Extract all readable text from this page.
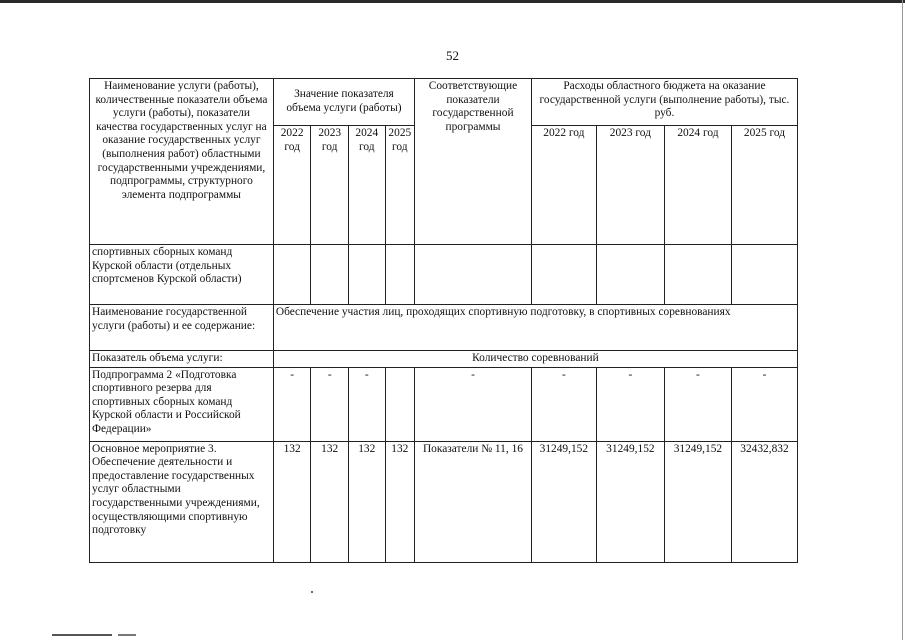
52
Наименование услуги (работы), количественные показатели объема услуги (работы), показатели качества государственных услуг на оказание государственных услуг (выполнения работ) областными государственными учреждениями, подпрограммы, структурного элемента подпрограммы	Значение показателя объема услуги (работы)				Соответствующие показатели государственной программы	Расходы областного бюджета на оказание государственной услуги (выполнение работы), тыс. руб.			
	2022 год	2023 год	2024 год	2025 год		2022 год	2023 год	2024 год	2025 год
спортивных сборных команд Курской области (отдельных спортсменов Курской области)									
Наименование государственной услуги (работы) и ее содержание:	Обеспечение участия лиц, проходящих спортивную подготовку, в спортивных соревнованиях								
Показатель объема услуги:	Количество соревнований								
Подпрограмма 2 «Подготовка спортивного резерва для спортивных сборных команд Курской области и Российской Федерации»	-	-	-		-	-	-	-	-
Основное мероприятие 3. Обеспечение деятельности и предоставление государственных услуг областными государственными учреждениями, осуществляющими спортивную подготовку	132	132	132	132	Показатели № 11, 16	31249,152	31249,152	31249,152	32432,832
